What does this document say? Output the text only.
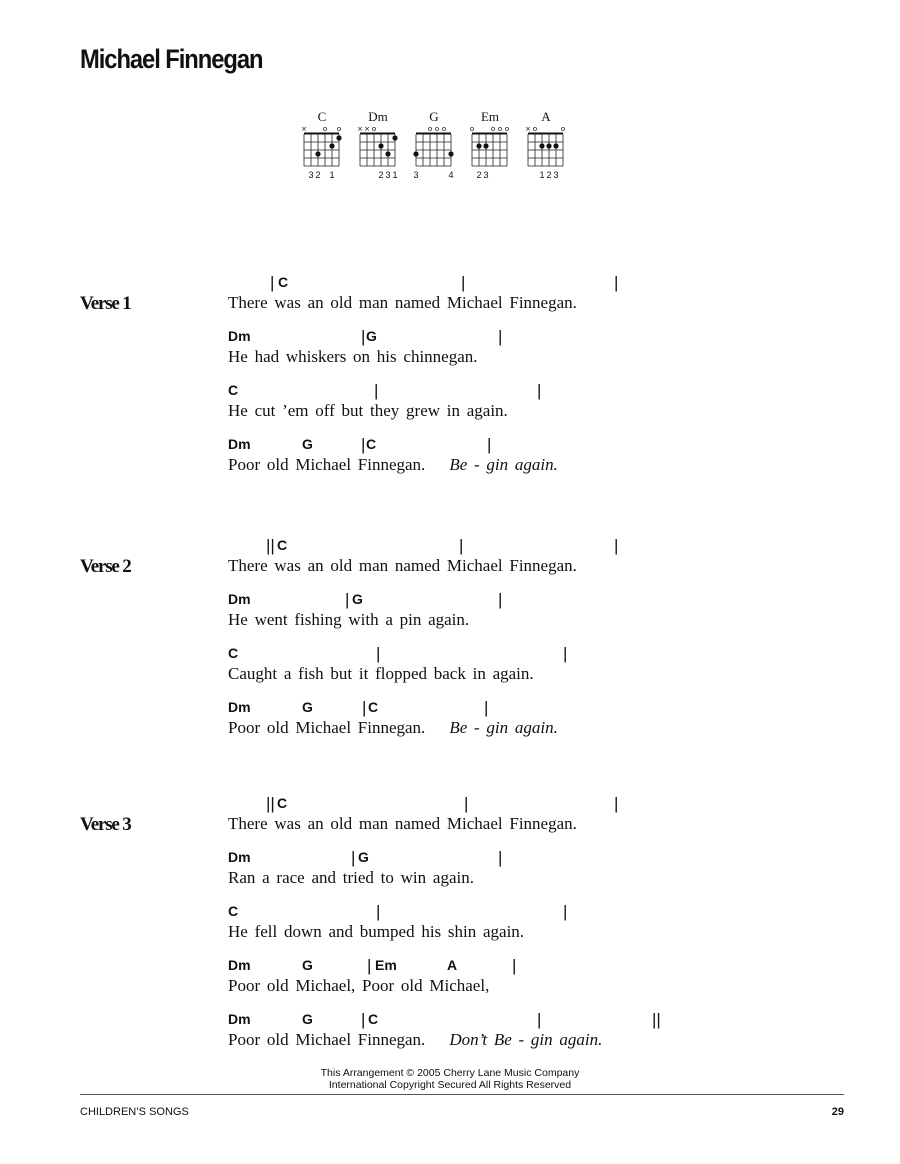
Michael Finnegan
C
× o o
3 2 1
Dm
× × o
2 3 1
G
o o o
3	4
Em
o o o o
2 3
A
× o	o
1 2 3
Verse 1	There was an old man named Michael Finnegan.
C
|	|	|
He had whiskers on his chinnegan.
Dm	G
|	|
He cut ’em off but they grew in again.
C	|	|
Poor old Michael Finnegan. Be - gin again.
Dm	G	C
|	|
Verse 2	There was an old man named Michael Finnegan.
C
||	|	|
He went fishing with a pin again.
Dm	G
|	|
Caught a fish but it flopped back in again.
C	|	|
Poor old Michael Finnegan. Be - gin again.
Dm	G	C
|	|
Verse 3	There was an old man named Michael Finnegan.
C
||	|	|
Ran a race and tried to win again.
Dm	G
|	|
He fell down and bumped his shin again.
C	|	|
Poor old Michael, Poor old Michael,
Dm	G	Em	A
|	|
Poor old Michael Finnegan. Don’t Be - gin again.
Dm	G	C
|	|	||
This Arrangement © 2005 Cherry Lane Music Company
International Copyright Secured All Rights Reserved
CHILDREN’S SONGS	29
